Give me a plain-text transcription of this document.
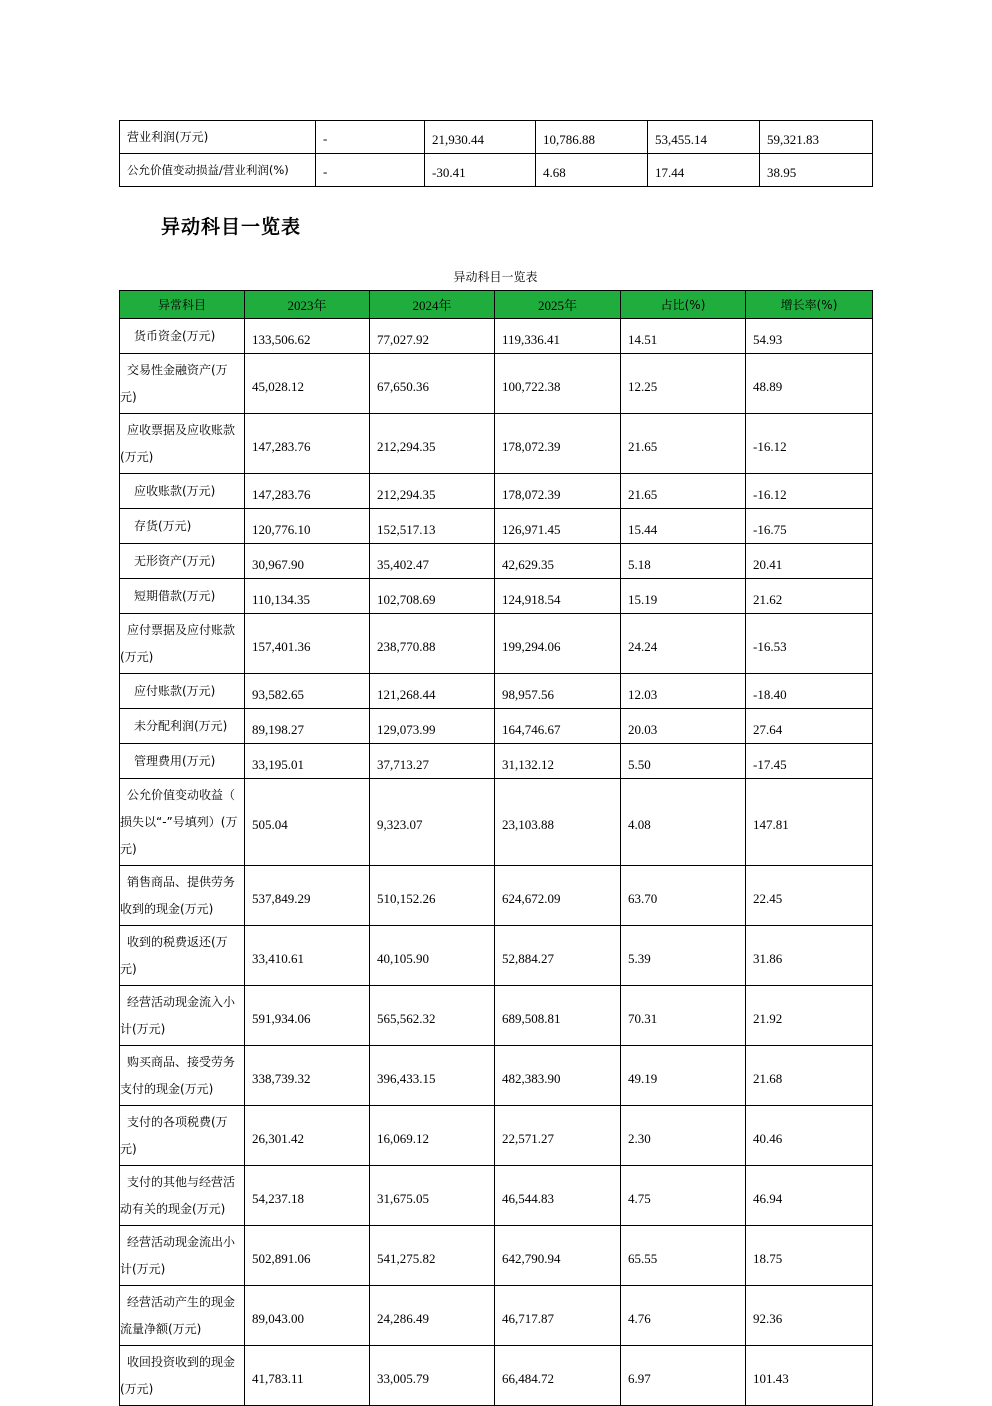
营业利润(万元)	-	21,930.44	10,786.88	53,455.14	59,321.83
公允价值变动损益/营业利润(%)	-	-30.41	4.68	17.44	38.95
异动科目一览表
异动科目一览表
异常科目	2023年	2024年	2025年	占比(%)	增长率(%)

货币资金(万元)	133,506.62	77,027.92	119,336.41	14.51	54.93

交易性金融资产(万
元)	45,028.12	67,650.36	100,722.38	12.25	48.89

应收票据及应收账款
(万元)	147,283.76	212,294.35	178,072.39	21.65	-16.12

应收账款(万元)	147,283.76	212,294.35	178,072.39	21.65	-16.12

存货(万元)	120,776.10	152,517.13	126,971.45	15.44	-16.75

无形资产(万元)	30,967.90	35,402.47	42,629.35	5.18	20.41

短期借款(万元)	110,134.35	102,708.69	124,918.54	15.19	21.62

应付票据及应付账款
(万元)	157,401.36	238,770.88	199,294.06	24.24	-16.53

应付账款(万元)	93,582.65	121,268.44	98,957.56	12.03	-18.40

未分配利润(万元)	89,198.27	129,073.99	164,746.67	20.03	27.64

管理费用(万元)	33,195.01	37,713.27	31,132.12	5.50	-17.45

公允价值变动收益（
损失以“-”号填列）(万
元)	505.04	9,323.07	23,103.88	4.08	147.81

销售商品、提供劳务
收到的现金(万元)	537,849.29	510,152.26	624,672.09	63.70	22.45

收到的税费返还(万
元)	33,410.61	40,105.90	52,884.27	5.39	31.86

经营活动现金流入小
计(万元)	591,934.06	565,562.32	689,508.81	70.31	21.92

购买商品、接受劳务
支付的现金(万元)	338,739.32	396,433.15	482,383.90	49.19	21.68

支付的各项税费(万
元)	26,301.42	16,069.12	22,571.27	2.30	40.46

支付的其他与经营活
动有关的现金(万元)	54,237.18	31,675.05	46,544.83	4.75	46.94

经营活动现金流出小
计(万元)	502,891.06	541,275.82	642,790.94	65.55	18.75

经营活动产生的现金
流量净额(万元)	89,043.00	24,286.49	46,717.87	4.76	92.36

收回投资收到的现金
(万元)	41,783.11	33,005.79	66,484.72	6.97	101.43
